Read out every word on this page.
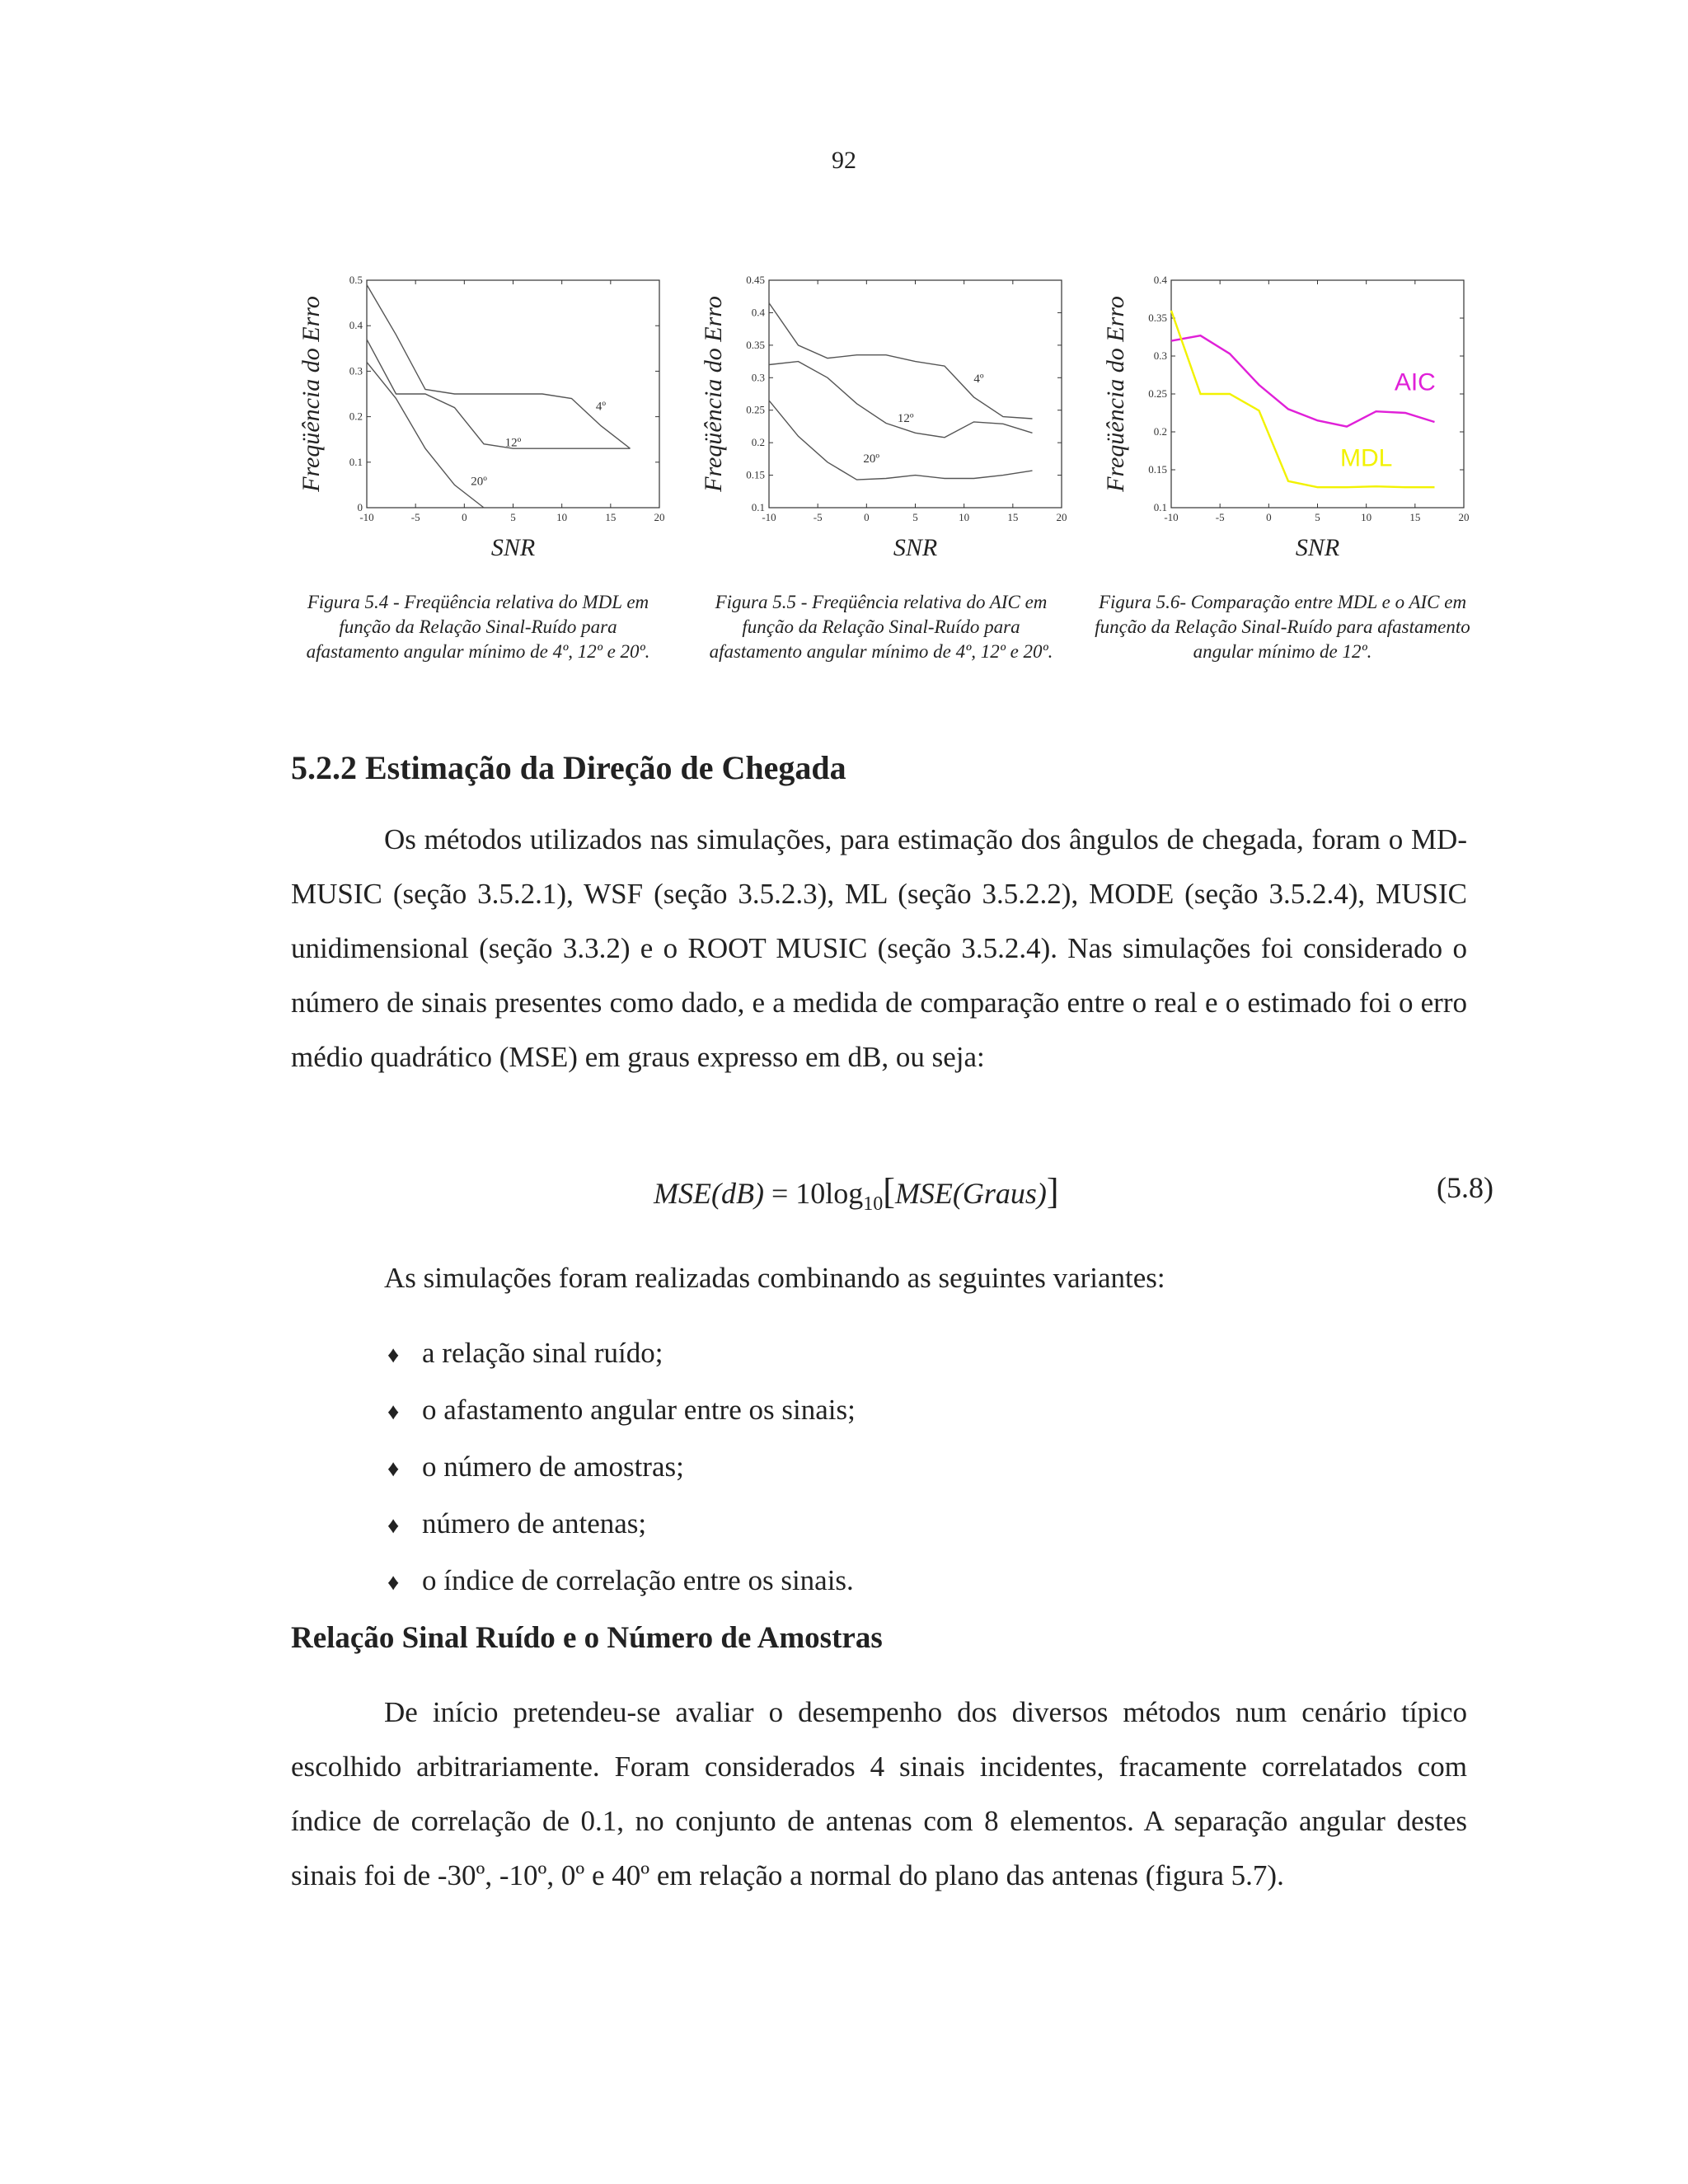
92
-10	-5	0	5	10	15	20
0
0.1
0.2
0.3
0.4
0.5
4º
12º
20º
SNR
Freqüência do Erro
-10	-5	0	5	10	15	20
0.1
0.15
0.2
0.25
0.3
0.35
0.4
0.45
4º
12º
20º
SNR
Freqüência do Erro
-10	-5	0	5	10	15	20
0.1
0.15
0.2
0.25
0.3
0.35
0.4
AIC
MDL
SNR
Freqüência do Erro
Figura 5.4 - Freqüência relativa do MDL em função da Relação Sinal-Ruído para afastamento angular mínimo de 4º, 12º e 20º.
Figura 5.5 - Freqüência relativa do AIC em função da Relação Sinal-Ruído para afastamento angular mínimo de 4º, 12º e 20º.
Figura 5.6- Comparação entre MDL e o AIC em função da Relação Sinal-Ruído para afastamento angular mínimo de 12º.
5.2.2 Estimação da Direção de Chegada

Os métodos utilizados nas simulações, para estimação dos ângulos de chegada, foram o MD-MUSIC (seção 3.5.2.1), WSF (seção 3.5.2.3), ML (seção 3.5.2.2), MODE (seção 3.5.2.4), MUSIC unidimensional (seção 3.3.2) e o ROOT MUSIC (seção 3.5.2.4). Nas simulações foi considerado o número de sinais presentes como dado, e a medida de comparação entre o real e o estimado foi o erro médio quadrático (MSE) em graus expresso em dB, ou seja:

$MSE(dB) = 10\log_{10}[MSE(Graus)]$	(5.8)

As simulações foram realizadas combinando as seguintes variantes:

♦ a relação sinal ruído;
♦ o afastamento angular entre os sinais;
♦ o número de amostras;
♦ número de antenas;
♦ o índice de correlação entre os sinais.
Relação Sinal Ruído e o Número de Amostras

De início pretendeu-se avaliar o desempenho dos diversos métodos num cenário típico escolhido arbitrariamente. Foram considerados 4 sinais incidentes, fracamente correlatados com índice de correlação de 0.1, no conjunto de antenas com 8 elementos. A separação angular destes sinais foi de -30º, -10º, 0º e 40º em relação a normal do plano das antenas (figura 5.7).
